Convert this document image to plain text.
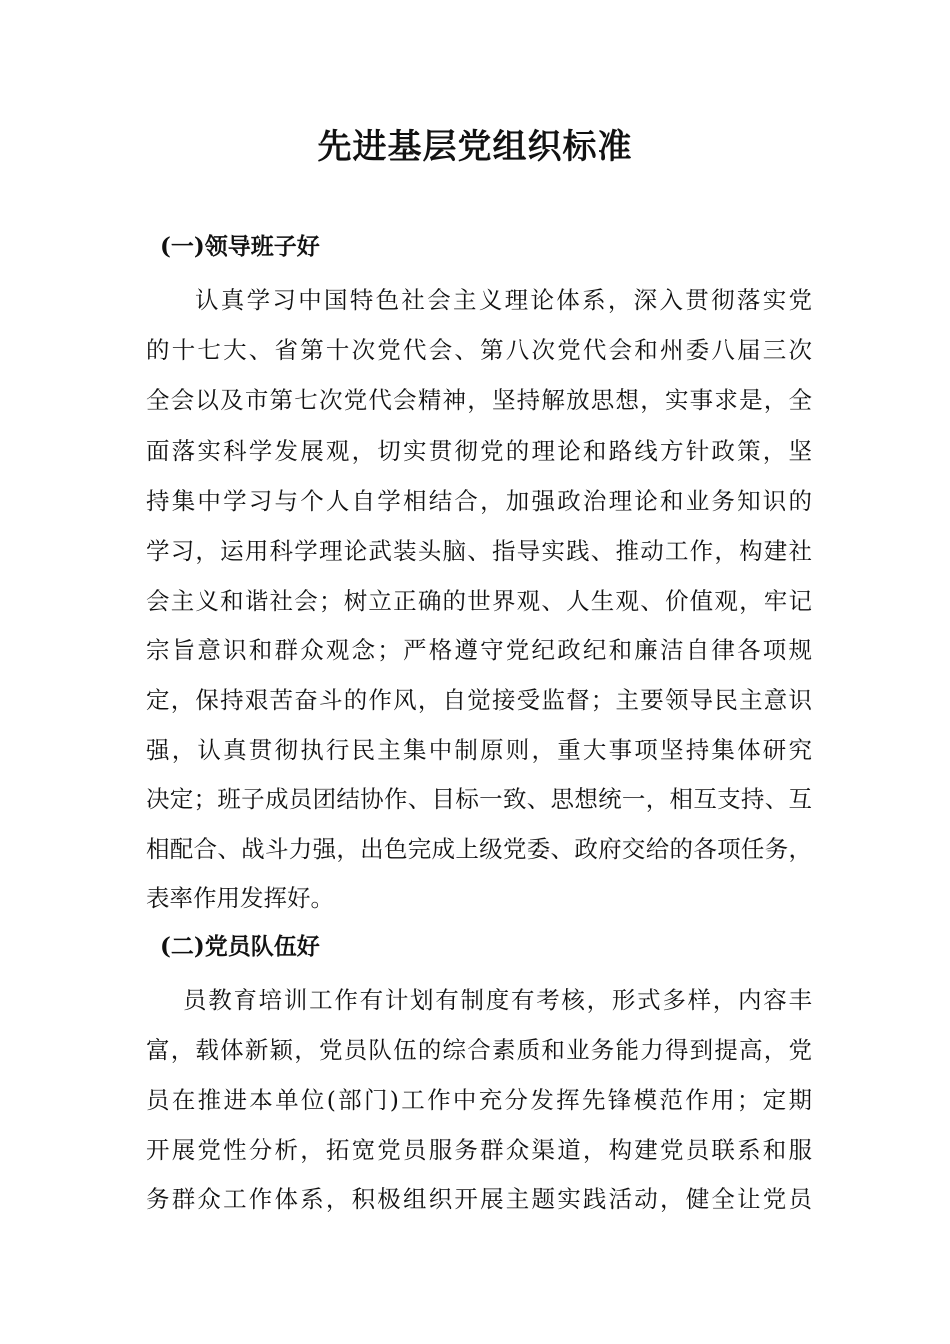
先进基层党组织标准
(一)领导班子好
认真学习中国特色社会主义理论体系，深入贯彻落实党
的十七大、省第十次党代会、第八次党代会和州委八届三次
全会以及市第七次党代会精神，坚持解放思想，实事求是，全
面落实科学发展观，切实贯彻党的理论和路线方针政策，坚
持集中学习与个人自学相结合，加强政治理论和业务知识的
学习，运用科学理论武装头脑、指导实践、推动工作，构建社
会主义和谐社会；树立正确的世界观、人生观、价值观，牢记
宗旨意识和群众观念；严格遵守党纪政纪和廉洁自律各项规
定，保持艰苦奋斗的作风，自觉接受监督；主要领导民主意识
强，认真贯彻执行民主集中制原则，重大事项坚持集体研究
决定；班子成员团结协作、目标一致、思想统一，相互支持、互
相配合、战斗力强，出色完成上级党委、政府交给的各项任务，
表率作用发挥好。
(二)党员队伍好
员教育培训工作有计划有制度有考核，形式多样，内容丰
富，载体新颖，党员队伍的综合素质和业务能力得到提高，党
员在推进本单位(部门)工作中充分发挥先锋模范作用；定期
开展党性分析，拓宽党员服务群众渠道，构建党员联系和服
务群众工作体系，积极组织开展主题实践活动，健全让党员
